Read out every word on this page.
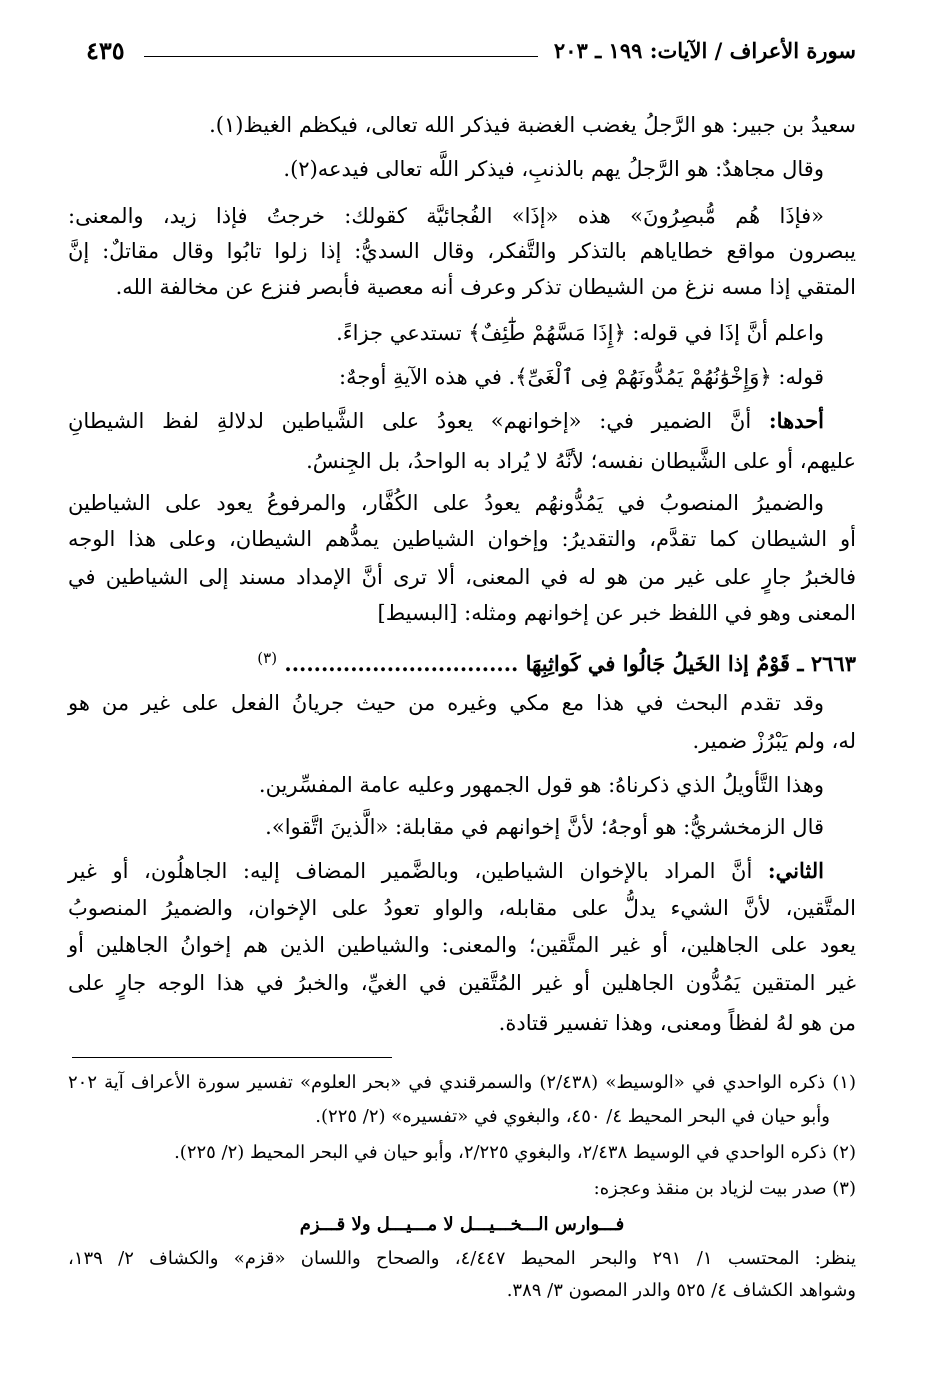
سورة الأعراف / الآيات: ١٩٩ ـ ٢٠٣
٤٣٥
سعيدُ بن جبير: هو الرَّجلُ يغضب الغضبة فيذكر الله تعالى، فيكظم الغيظ(١).
وقال مجاهدٌ: هو الرَّجلُ يهم بالذنبِ، فيذكر اللَّه تعالى فيدعه(٢).
«فإذَا هُم مُّبصِرُونَ» هذه «إذَا» الفُجائيَّة كقولك: خرجتُ فإذا زيد، والمعنى:
يبصرون مواقع خطاياهم بالتذكر والتَّفكر، وقال السديُّ: إذا زلوا تابُوا وقال مقاتلٌ: إنَّ
المتقي إذا مسه نزغ من الشيطان تذكر وعرف أنه معصية فأبصر فنزع عن مخالفة الله.
واعلم أنَّ إذَا في قوله: ﴿إِذَا مَسَّهُمْ طَٰٓئِفٌ﴾ تستدعي جزاءً.
قوله: ﴿وَإِخْوَٰنُهُمْ يَمُدُّونَهُمْ فِى ٱلْغَىِّ﴾. في هذه الآيةِ أوجهٌ:
أحدها: أنَّ الضمير في: «إخوانهم» يعودُ على الشَّياطين لدلالةِ لفظ الشيطانِ
عليهم، أو على الشَّيطان نفسه؛ لأنَّهُ لا يُراد به الواحدُ، بل الجِنسُ.
والضميرُ المنصوبُ في يَمُدُّونهُم يعودُ على الكُفَّار، والمرفوعُ يعود على الشياطين
أو الشيطان كما تقدَّم، والتقديرُ: وإخوان الشياطين يمدُّهم الشيطان، وعلى هذا الوجه
فالخبرُ جارٍ على غير من هو له في المعنى، ألا ترى أنَّ الإمداد مسند إلى الشياطين في
المعنى وهو في اللفظ خبر عن إخوانهم ومثله: [البسيط]
٢٦٦٣ ـ قَوْمٌ إذا الخَيلُ جَالُوا في كَواثِبِهَا ................................ $^{(٣)}$
وقد تقدم البحث في هذا مع مكي وغيره من حيث جريانُ الفعل على غير من هو
له، ولم يَبْرُزْ ضمير.
وهذا التَّأويلُ الذي ذكرناهُ: هو قول الجمهور وعليه عامة المفسِّرين.
قال الزمخشريُّ: هو أوجهُ؛ لأنَّ إخوانهم في مقابلة: «الَّذينَ اتَّقوا».
الثاني: أنَّ المراد بالإخوان الشياطين، وبالضَّمير المضاف إليه: الجاهلُون، أو غير
المتَّقين، لأنَّ الشيء يدلُّ على مقابله، والواو تعودُ على الإخوان، والضميرُ المنصوبُ
يعود على الجاهلين، أو غير المتَّقين؛ والمعنى: والشياطين الذين هم إخوانُ الجاهلين أو
غير المتقين يَمُدُّون الجاهلين أو غير المُتَّقين في الغيِّ، والخبرُ في هذا الوجه جارٍ على
من هو لهُ لفظاً ومعنى، وهذا تفسير قتادة.
(١) ذكره الواحدي في «الوسيط» (٢/٤٣٨) والسمرقندي في «بحر العلوم» تفسير سورة الأعراف آية ٢٠٢
وأبو حيان في البحر المحيط ٤/ ٤٥٠، والبغوي في «تفسيره» (٢/ ٢٢٥).
(٢) ذكره الواحدي في الوسيط ٢/٤٣٨، والبغوي ٢/٢٢٥، وأبو حيان في البحر المحيط (٢/ ٢٢٥).
(٣) صدر بيت لزياد بن منقذ وعجزه:
فـــوارس الـــخـــيـــل لا مـــيـــل ولا قـــزم
ينظر: المحتسب ١/ ٢٩١ والبحر المحيط ٤/٤٤٧، والصحاح واللسان «قزم» والكشاف ٢/ ١٣٩،
وشواهد الكشاف ٤/ ٥٢٥ والدر المصون ٣/ ٣٨٩.
